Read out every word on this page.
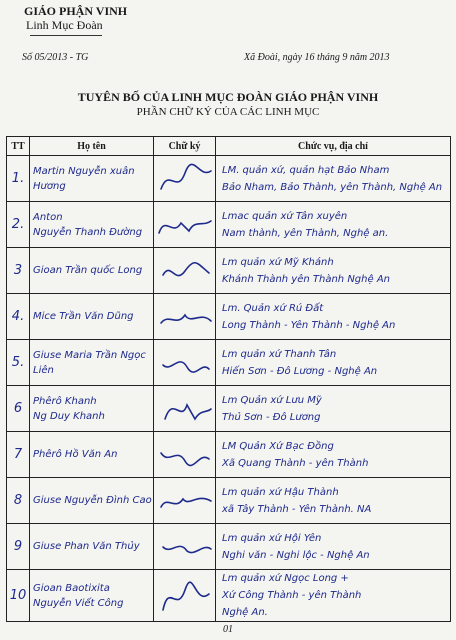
GIÁO PHẬN VINH
Linh Mục Đoàn
Số 05/2013 - TG	Xã Đoài, ngày 16 tháng 9 năm 2013
TUYÊN BỐ CỦA LINH MỤC ĐOÀN GIÁO PHẬN VINH
PHẦN CHỮ KÝ CỦA CÁC LINH MỤC
TT	Họ tên	Chữ ký	Chức vụ, địa chỉ
1.	Martin Nguyễn xuân Hương		LM. quản xứ, quản hạt Bảo Nham
Bảo Nham, Bảo Thành, yên Thành, Nghệ An
2.	Anton
Nguyễn Thanh Đường		Lmac quản xứ Tân xuyên
Nam thành, yên Thành, Nghệ an.
3	Gioan Trần quốc Long		Lm quản xứ Mỹ Khánh
Khánh Thành yên Thành Nghệ An
4.	Mice Trần Văn Dũng		Lm. Quản xứ Rú Đất
Long Thành - Yên Thành - Nghệ An
5.	Giuse Maria Trần Ngọc Liên		Lm quản xứ Thanh Tân
Hiến Sơn - Đô Lương - Nghệ An
6	Phêrô Khanh
Ng Duy Khanh		Lm Quản xứ Lưu Mỹ
Thủ Sơn - Đô Lương
7	Phêrô Hồ Văn An		LM Quản Xứ Bạc Đồng
Xã Quang Thành - yên Thành
8	Giuse Nguyễn Đình Cao		Lm quản xứ Hậu Thành
xã Tây Thành - Yên Thành. NA
9	Giuse Phan Văn Thủy		Lm quản xứ Hội Yên
Nghi văn - Nghi lộc - Nghệ An
10	Gioan Baotixita
Nguyễn Viết Công		Lm quản xứ Ngọc Long +
Xứ Công Thành - yên Thành
Nghệ An.
01
